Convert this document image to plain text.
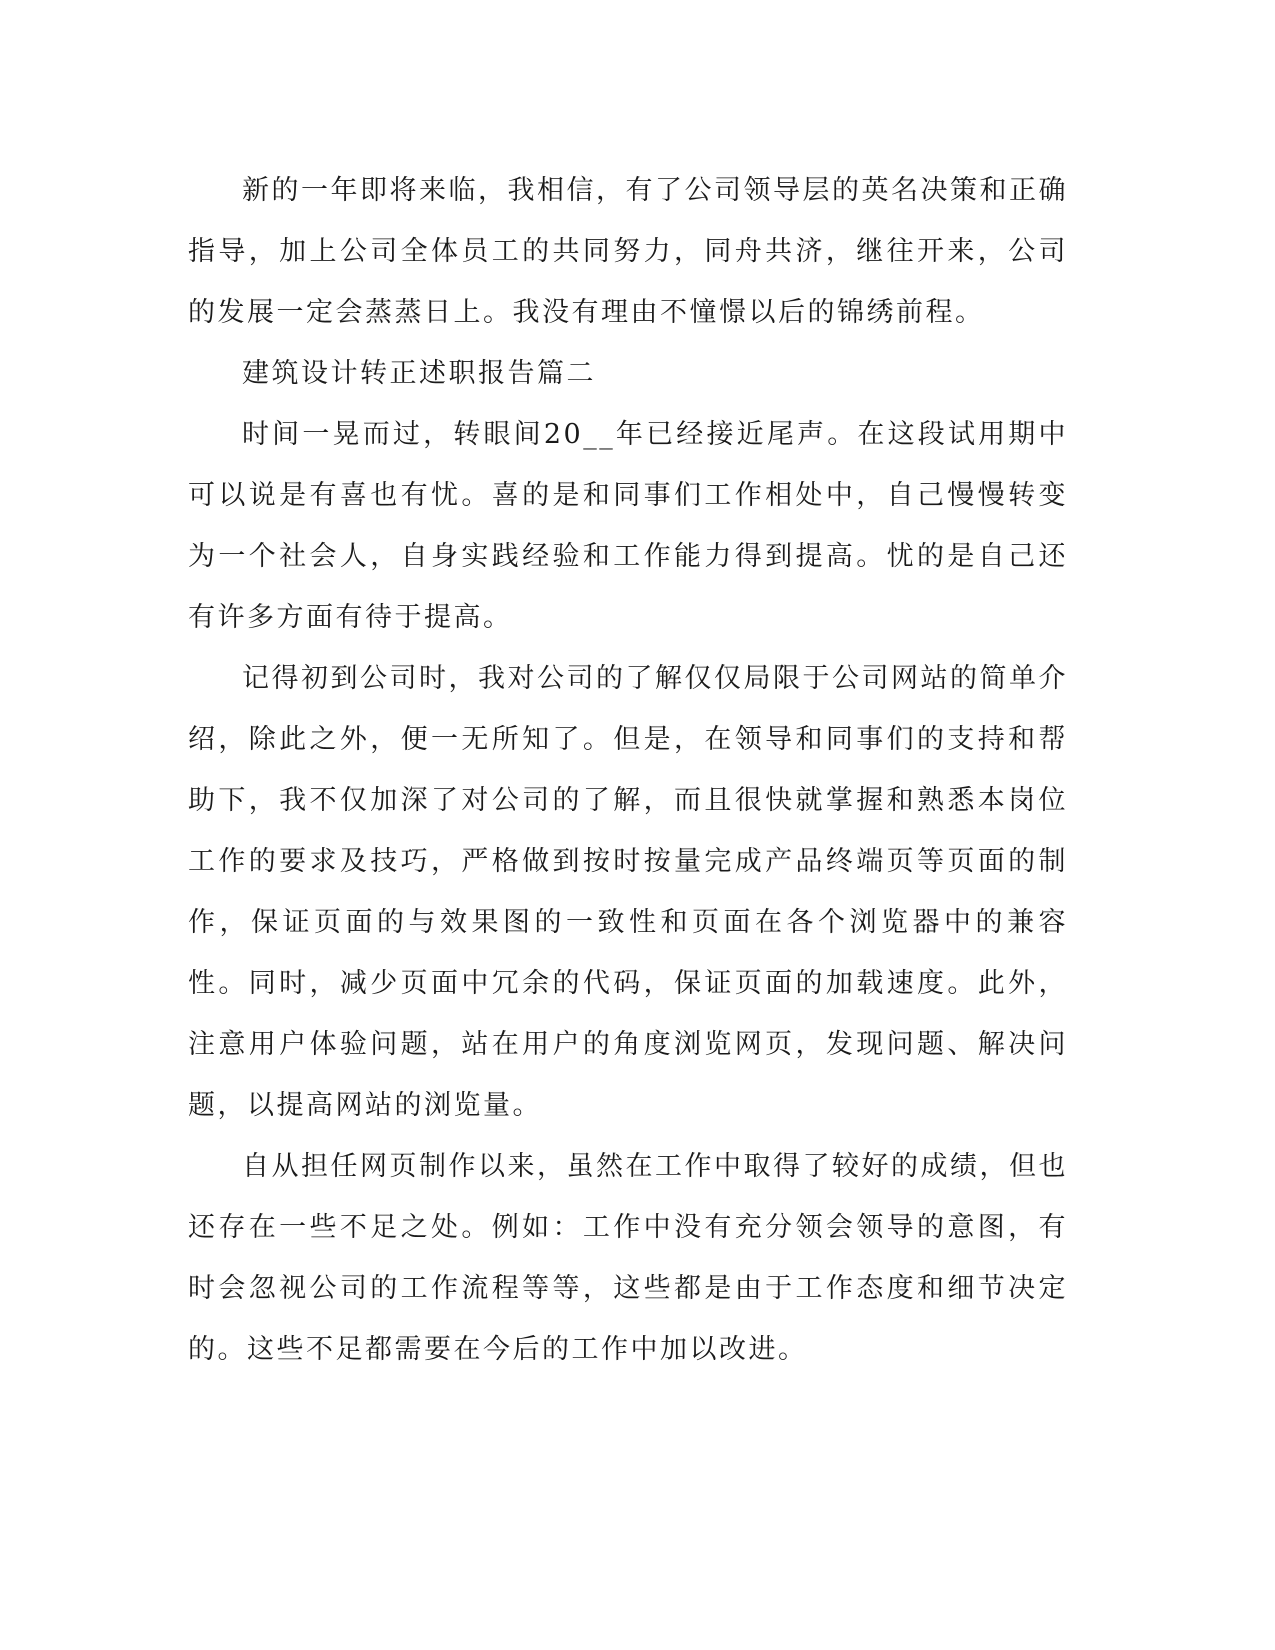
新的一年即将来临，我相信，有了公司领导层的英名决策和正确指导，加上公司全体员工的共同努力，同舟共济，继往开来，公司的发展一定会蒸蒸日上。我没有理由不憧憬以后的锦绣前程。

建筑设计转正述职报告篇二

时间一晃而过，转眼间20__年已经接近尾声。在这段试用期中可以说是有喜也有忧。喜的是和同事们工作相处中，自己慢慢转变为一个社会人，自身实践经验和工作能力得到提高。忧的是自己还有许多方面有待于提高。

记得初到公司时，我对公司的了解仅仅局限于公司网站的简单介绍，除此之外，便一无所知了。但是，在领导和同事们的支持和帮助下，我不仅加深了对公司的了解，而且很快就掌握和熟悉本岗位工作的要求及技巧，严格做到按时按量完成产品终端页等页面的制作，保证页面的与效果图的一致性和页面在各个浏览器中的兼容性。同时，减少页面中冗余的代码，保证页面的加载速度。此外，注意用户体验问题，站在用户的角度浏览网页，发现问题、解决问题，以提高网站的浏览量。

自从担任网页制作以来，虽然在工作中取得了较好的成绩，但也还存在一些不足之处。例如：工作中没有充分领会领导的意图，有时会忽视公司的工作流程等等，这些都是由于工作态度和细节决定的。这些不足都需要在今后的工作中加以改进。
